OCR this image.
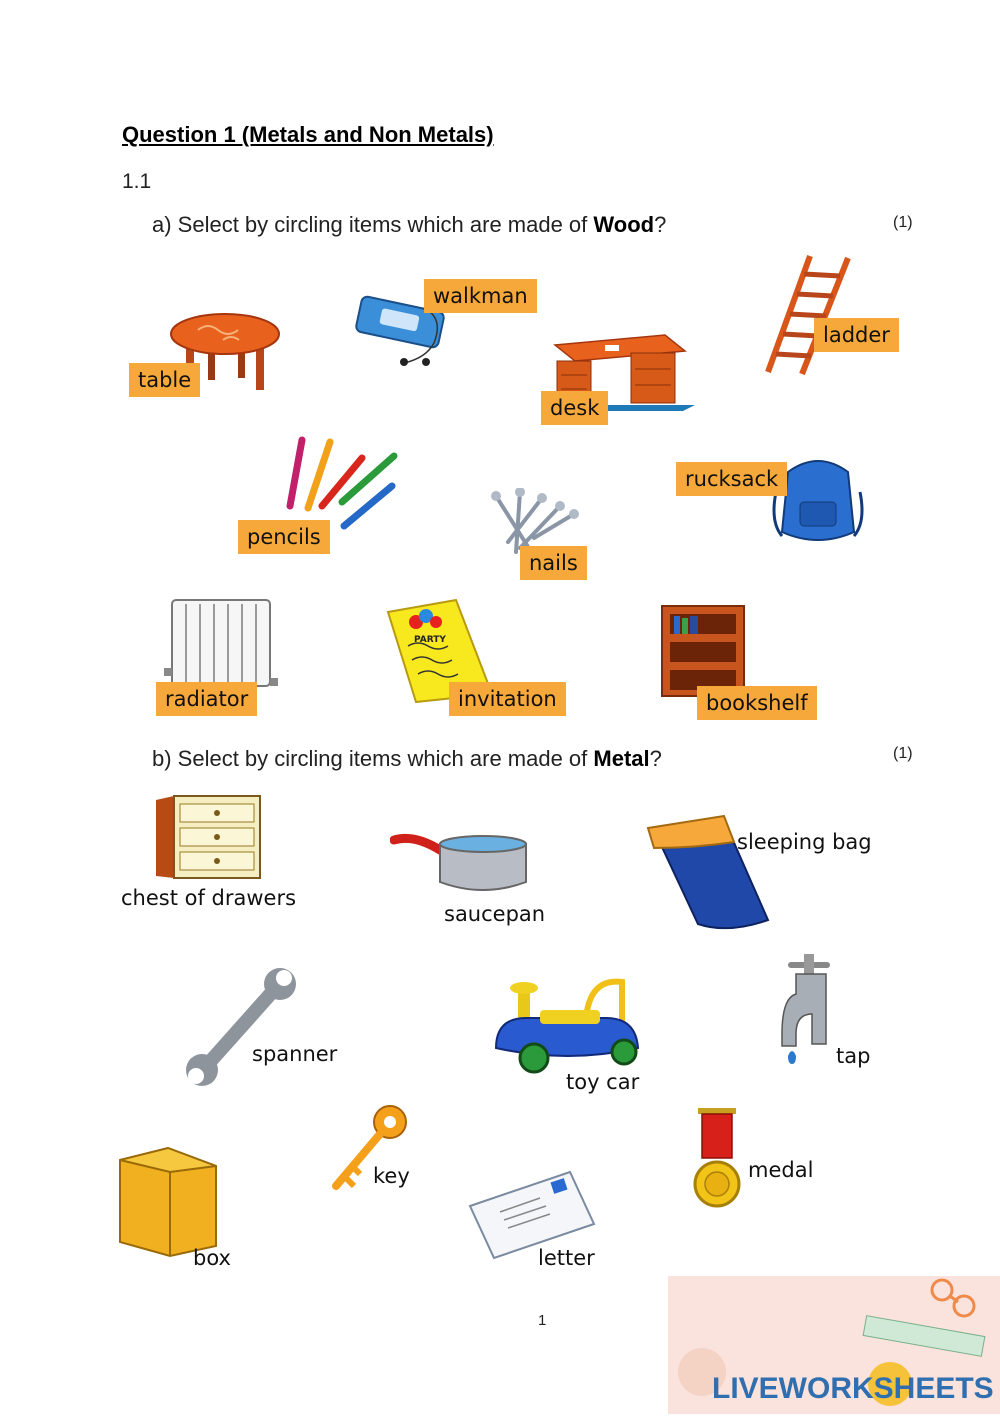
Question 1 (Metals and Non Metals)
1.1
a) Select by circling items which are made of Wood?	(1)
table
walkman
desk
ladder
pencils
nails
rucksack
radiator
PARTY
invitation	bookshelf
b) Select by circling items which are made of Metal?	(1)
chest of drawers
saucepan
sleeping bag
spanner
toy car
tap
box
key
letter
medal
1
LIVEWORKSHEETS
